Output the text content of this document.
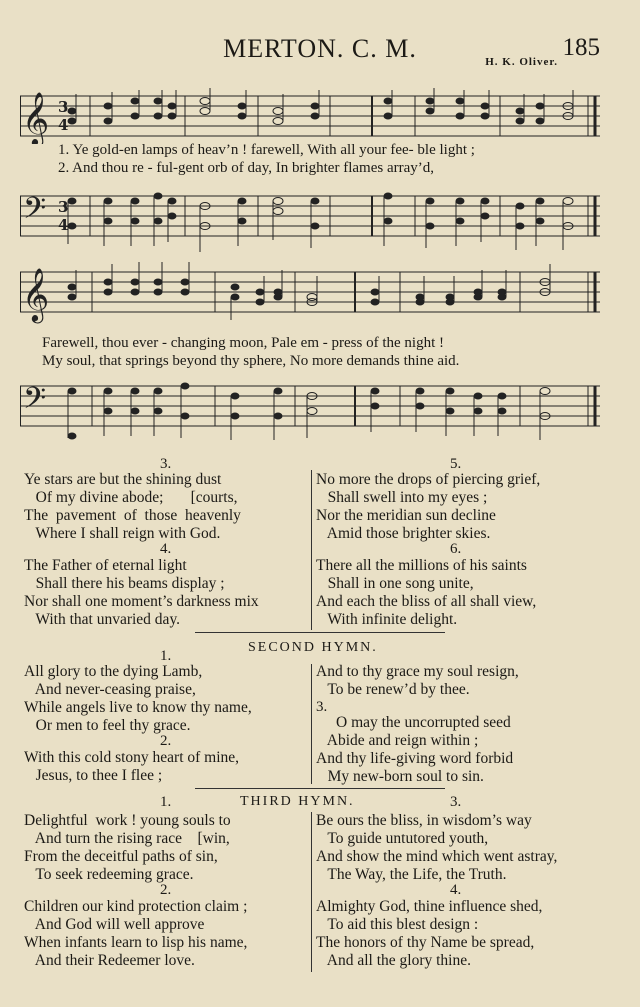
MERTON. C. M.	185
H. K. Oliver.
𝄞 3
4
1. Ye gold-en lamps of heav’n ! farewell, With all your fee- ble light ;
2. And thou re - ful-gent orb of day, In brighter flames array’d,
𝄢 3
4
𝄞
Farewell, thou ever - changing moon, Pale em - press of the night !
My soul, that springs beyond thy sphere, No more demands thine aid.
𝄢
3.
Ye stars are but the shining dust
Of my divine abode;       [courts,
The  pavement  of  those  heavenly
Where I shall reign with God.
4.
The Father of eternal light
Shall there his beams display ;
Nor shall one moment’s darkness mix
With that unvaried day.
5.
No more the drops of piercing grief,
Shall swell into my eyes ;
Nor the meridian sun decline
Amid those brighter skies.
6.
There all the millions of his saints
Shall in one song unite,
And each the bliss of all shall view,
With infinite delight.
SECOND HYMN.
1.
All glory to the dying Lamb,
And never-ceasing praise,
While angels live to know thy name,
Or men to feel thy grace.
2.
With this cold stony heart of mine,
Jesus, to thee I flee ;
And to thy grace my soul resign,
To be renew’d by thee.
3.
O may the uncorrupted seed
Abide and reign within ;
And thy life-giving word forbid
My new-born soul to sin.
1.	THIRD HYMN.	3.
Delightful  work ! young souls to
And turn the rising race    [win,
From the deceitful paths of sin,
To seek redeeming grace.
2.
Children our kind protection claim ;
And God will well approve
When infants learn to lisp his name,
And their Redeemer love.
Be ours the bliss, in wisdom’s way
To guide untutored youth,
And show the mind which went astray,
The Way, the Life, the Truth.
4.
Almighty God, thine influence shed,
To aid this blest design :
The honors of thy Name be spread,
And all the glory thine.
